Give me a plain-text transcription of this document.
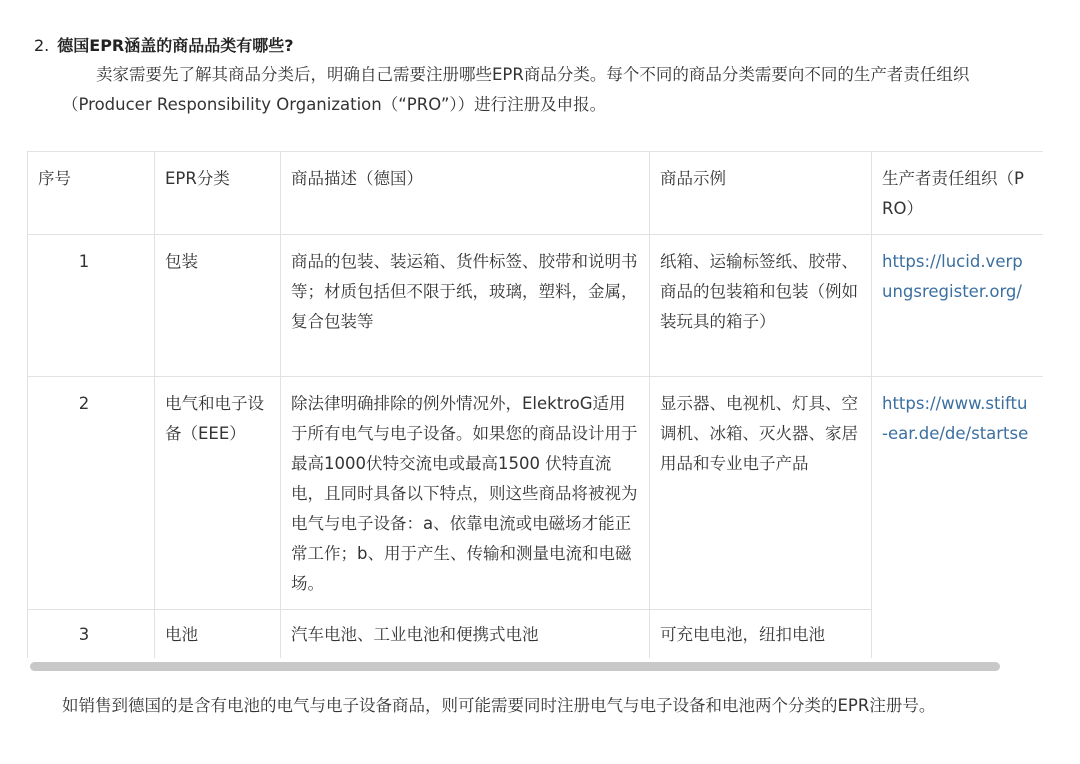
2. 德国EPR涵盖的商品品类有哪些?
卖家需要先了解其商品分类后，明确自己需要注册哪些EPR商品分类。每个不同的商品分类需要向不同的生产者责任组织（Producer Responsibility Organization（“PRO”））进行注册及申报。
序号	EPR分类	商品描述（德国）	商品示例	生产者责任组织（PRO）
1	包装	商品的包装、装运箱、货件标签、胶带和说明书等；材质包括但不限于纸，玻璃，塑料，金属，复合包装等	纸箱、运输标签纸、胶带、商品的包装箱和包装（例如装玩具的箱子）	https://lucid.verp
ungsregister.org/

2	电气和电子设备（EEE）	除法律明确排除的例外情况外，ElektroG适用于所有电气与电子设备。如果您的商品设计用于最高1000伏特交流电或最高1500 伏特直流电，且同时具备以下特点，则这些商品将被视为电气与电子设备：a、依靠电流或电磁场才能正常工作；b、用于产生、传输和测量电流和电磁场。	显示器、电视机、灯具、空调机、冰箱、灭火器、家居用品和专业电子产品	https://www.stiftu
-ear.de/de/startse

3	电池	汽车电池、工业电池和便携式电池	可充电电池，纽扣电池	
如销售到德国的是含有电池的电气与电子设备商品，则可能需要同时注册电气与电子设备和电池两个分类的EPR注册号。
